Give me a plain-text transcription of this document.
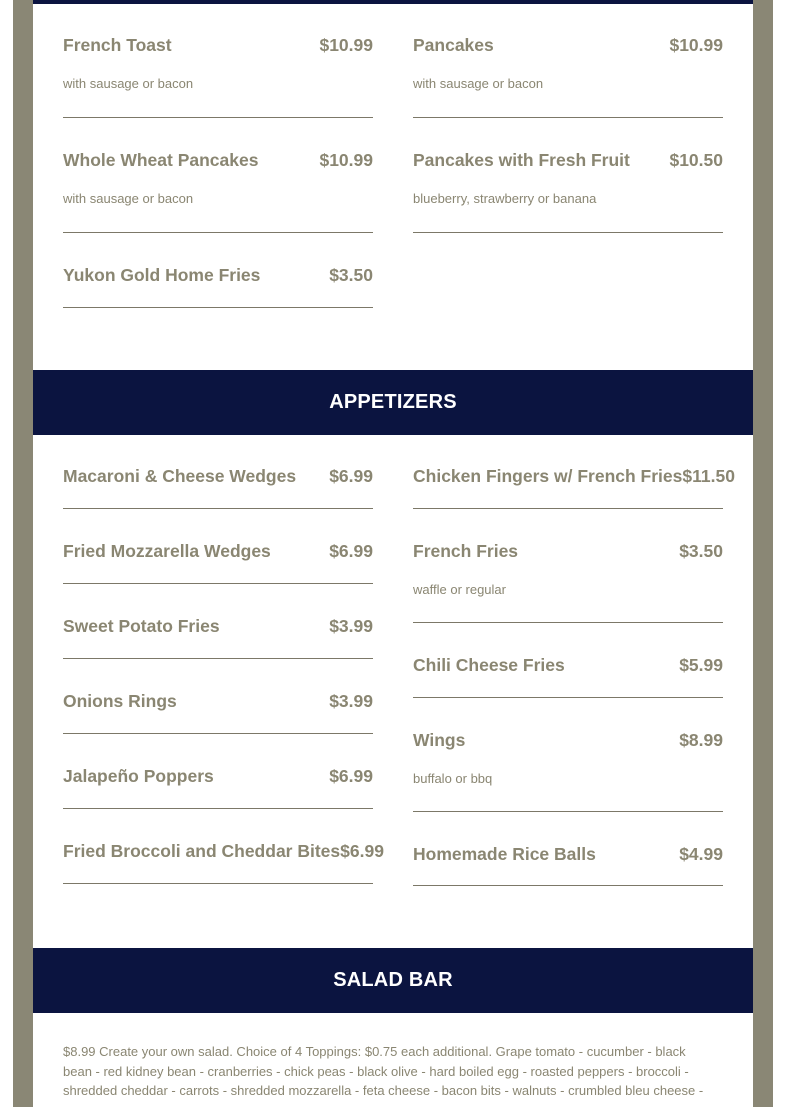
French Toast	$10.99
with sausage or bacon
Whole Wheat Pancakes	$10.99
with sausage or bacon
Yukon Gold Home Fries	$3.50
Pancakes	$10.99
with sausage or bacon
Pancakes with Fresh Fruit $10.50
blueberry, strawberry or banana
APPETIZERS
Macaroni & Cheese Wedges $6.99
Fried Mozzarella Wedges	$6.99
Sweet Potato Fries	$3.99
Onions Rings	$3.99
Jalapeño Poppers	$6.99
Fried Broccoli and Cheddar Bites $6.99
Chicken Fingers w/ French Fries $11.50
French Fries	$3.50
waffle or regular
Chili Cheese Fries	$5.99
Wings	$8.99
buffalo or bbq
Homemade Rice Balls	$4.99
SALAD BAR
$8.99 Create your own salad. Choice of 4 Toppings: $0.75 each additional. Grape tomato - cucumber - black bean - red kidney bean - cranberries - chick peas - black olive - hard boiled egg - roasted peppers - broccoli - shredded cheddar - carrots - shredded mozzarella - feta cheese - bacon bits - walnuts - crumbled bleu cheese -
